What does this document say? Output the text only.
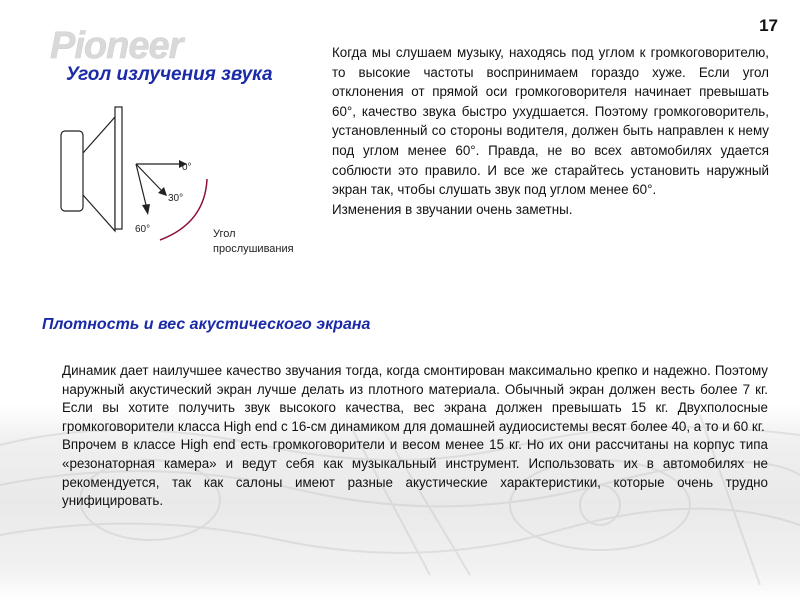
Pioneer	17
Угол излучения звука

Когда мы слушаем музыку, находясь под углом к громкоговорителю, то высокие частоты воспринимаем гораздо хуже. Если угол отклонения от прямой оси громкоговорителя начинает превышать 60°, качество звука быстро ухудшается. Поэтому громкоговоритель, установленный со стороны водителя, должен быть направлен к нему под углом менее 60°. Правда, не во всех автомобилях удается соблюсти это правило. И все же старайтесь установить наружный экран так, чтобы слушать звук под углом менее 60°.

Изменения в звучании очень заметны.

0°
30°
60°	Угол
прослушивания
Плотность и вес акустического экрана

Динамик дает наилучшее качество звучания тогда, когда смонтирован максимально крепко и надежно. Поэтому наружный акустический экран лучше делать из плотного материала. Обычный экран должен весть более 7 кг. Если вы хотите получить звук высокого качества, вес экрана должен превышать 15 кг. Двухполосные громкоговорители класса High end с 16-см динамиком для домашней аудиосистемы весят более 40, а то и 60 кг.

Впрочем в классе High end есть громкоговорители и весом менее 15 кг. Но их они рассчитаны на корпус типа «резонаторная камера» и ведут себя как музыкальный инструмент. Использовать их в автомобилях не рекомендуется, так как салоны имеют разные акустические характеристики, которые очень трудно унифицировать.
